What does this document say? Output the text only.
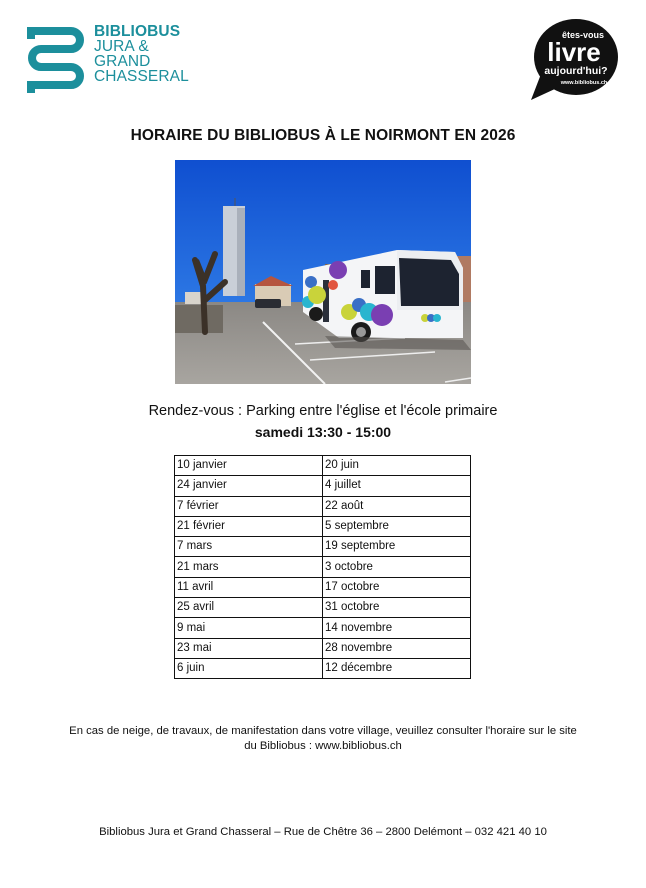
BIBLIOBUS
JURA &
GRAND
CHASSERAL
êtes-vous
livre
aujourd'hui?
www.bibliobus.ch
HORAIRE DU BIBLIOBUS À LE NOIRMONT EN 2026
Rendez-vous : Parking entre l'église et l'école primaire
samedi 13:30 - 15:00
10 janvier	20 juin
24 janvier	4 juillet
7 février	22 août
21 février	5 septembre
7 mars	19 septembre
21 mars	3 octobre
11 avril	17 octobre
25 avril	31 octobre
9 mai	14 novembre
23 mai	28 novembre
6 juin	12 décembre
En cas de neige, de travaux, de manifestation dans votre village, veuillez consulter l'horaire sur le site
du Bibliobus : www.bibliobus.ch
Bibliobus Jura et Grand Chasseral – Rue de Chêtre 36 – 2800 Delémont – 032 421 40 10
